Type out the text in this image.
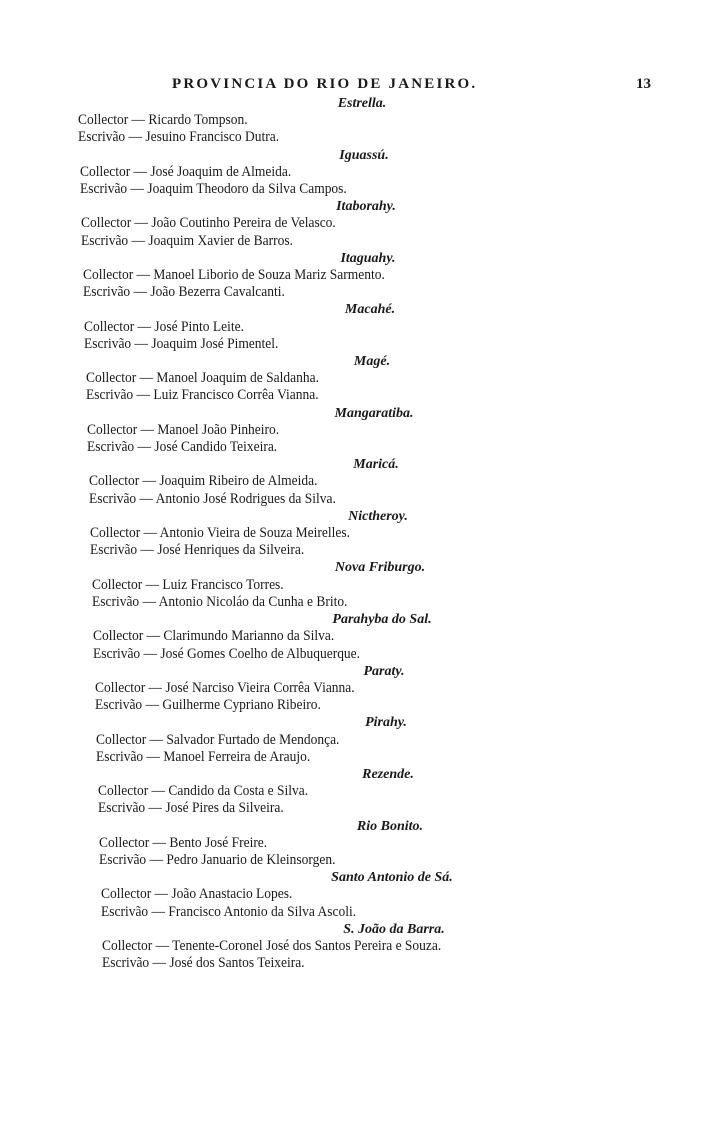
PROVINCIA DO RIO DE JANEIRO.	13
Estrella.
Collector — Ricardo Tompson.
Escrivão — Jesuino Francisco Dutra.
Iguassú.
Collector — José Joaquim de Almeida.
Escrivão — Joaquim Theodoro da Silva Campos.
Itaborahy.
Collector — João Coutinho Pereira de Velasco.
Escrivão — Joaquim Xavier de Barros.
Itaguahy.
Collector — Manoel Liborio de Souza Mariz Sarmento.
Escrivão — João Bezerra Cavalcanti.
Macahé.
Collector — José Pinto Leite.
Escrivão — Joaquim José Pimentel.
Magé.
Collector — Manoel Joaquim de Saldanha.
Escrivão — Luiz Francisco Corrêa Vianna.
Mangaratiba.
Collector — Manoel João Pinheiro.
Escrivão — José Candido Teixeira.
Maricá.
Collector — Joaquim Ribeiro de Almeida.
Escrivão — Antonio José Rodrigues da Silva.
Nictheroy.
Collector — Antonio Vieira de Souza Meirelles.
Escrivão — José Henriques da Silveira.
Nova Friburgo.
Collector — Luiz Francisco Torres.
Escrivão — Antonio Nicoláo da Cunha e Brito.
Parahyba do Sal.
Collector — Clarimundo Marianno da Silva.
Escrivão — José Gomes Coelho de Albuquerque.
Paraty.
Collector — José Narciso Vieira Corrêa Vianna.
Escrivão — Guilherme Cypriano Ribeiro.
Pirahy.
Collector — Salvador Furtado de Mendonça.
Escrivão — Manoel Ferreira de Araujo.
Rezende.
Collector — Candido da Costa e Silva.
Escrivão — José Pires da Silveira.
Rio Bonito.
Collector — Bento José Freire.
Escrivão — Pedro Januario de Kleinsorgen.
Santo Antonio de Sá.
Collector — João Anastacio Lopes.
Escrivão — Francisco Antonio da Silva Ascoli.
S. João da Barra.
Collector — Tenente-Coronel José dos Santos Pereira e Souza.
Escrivão — José dos Santos Teixeira.
